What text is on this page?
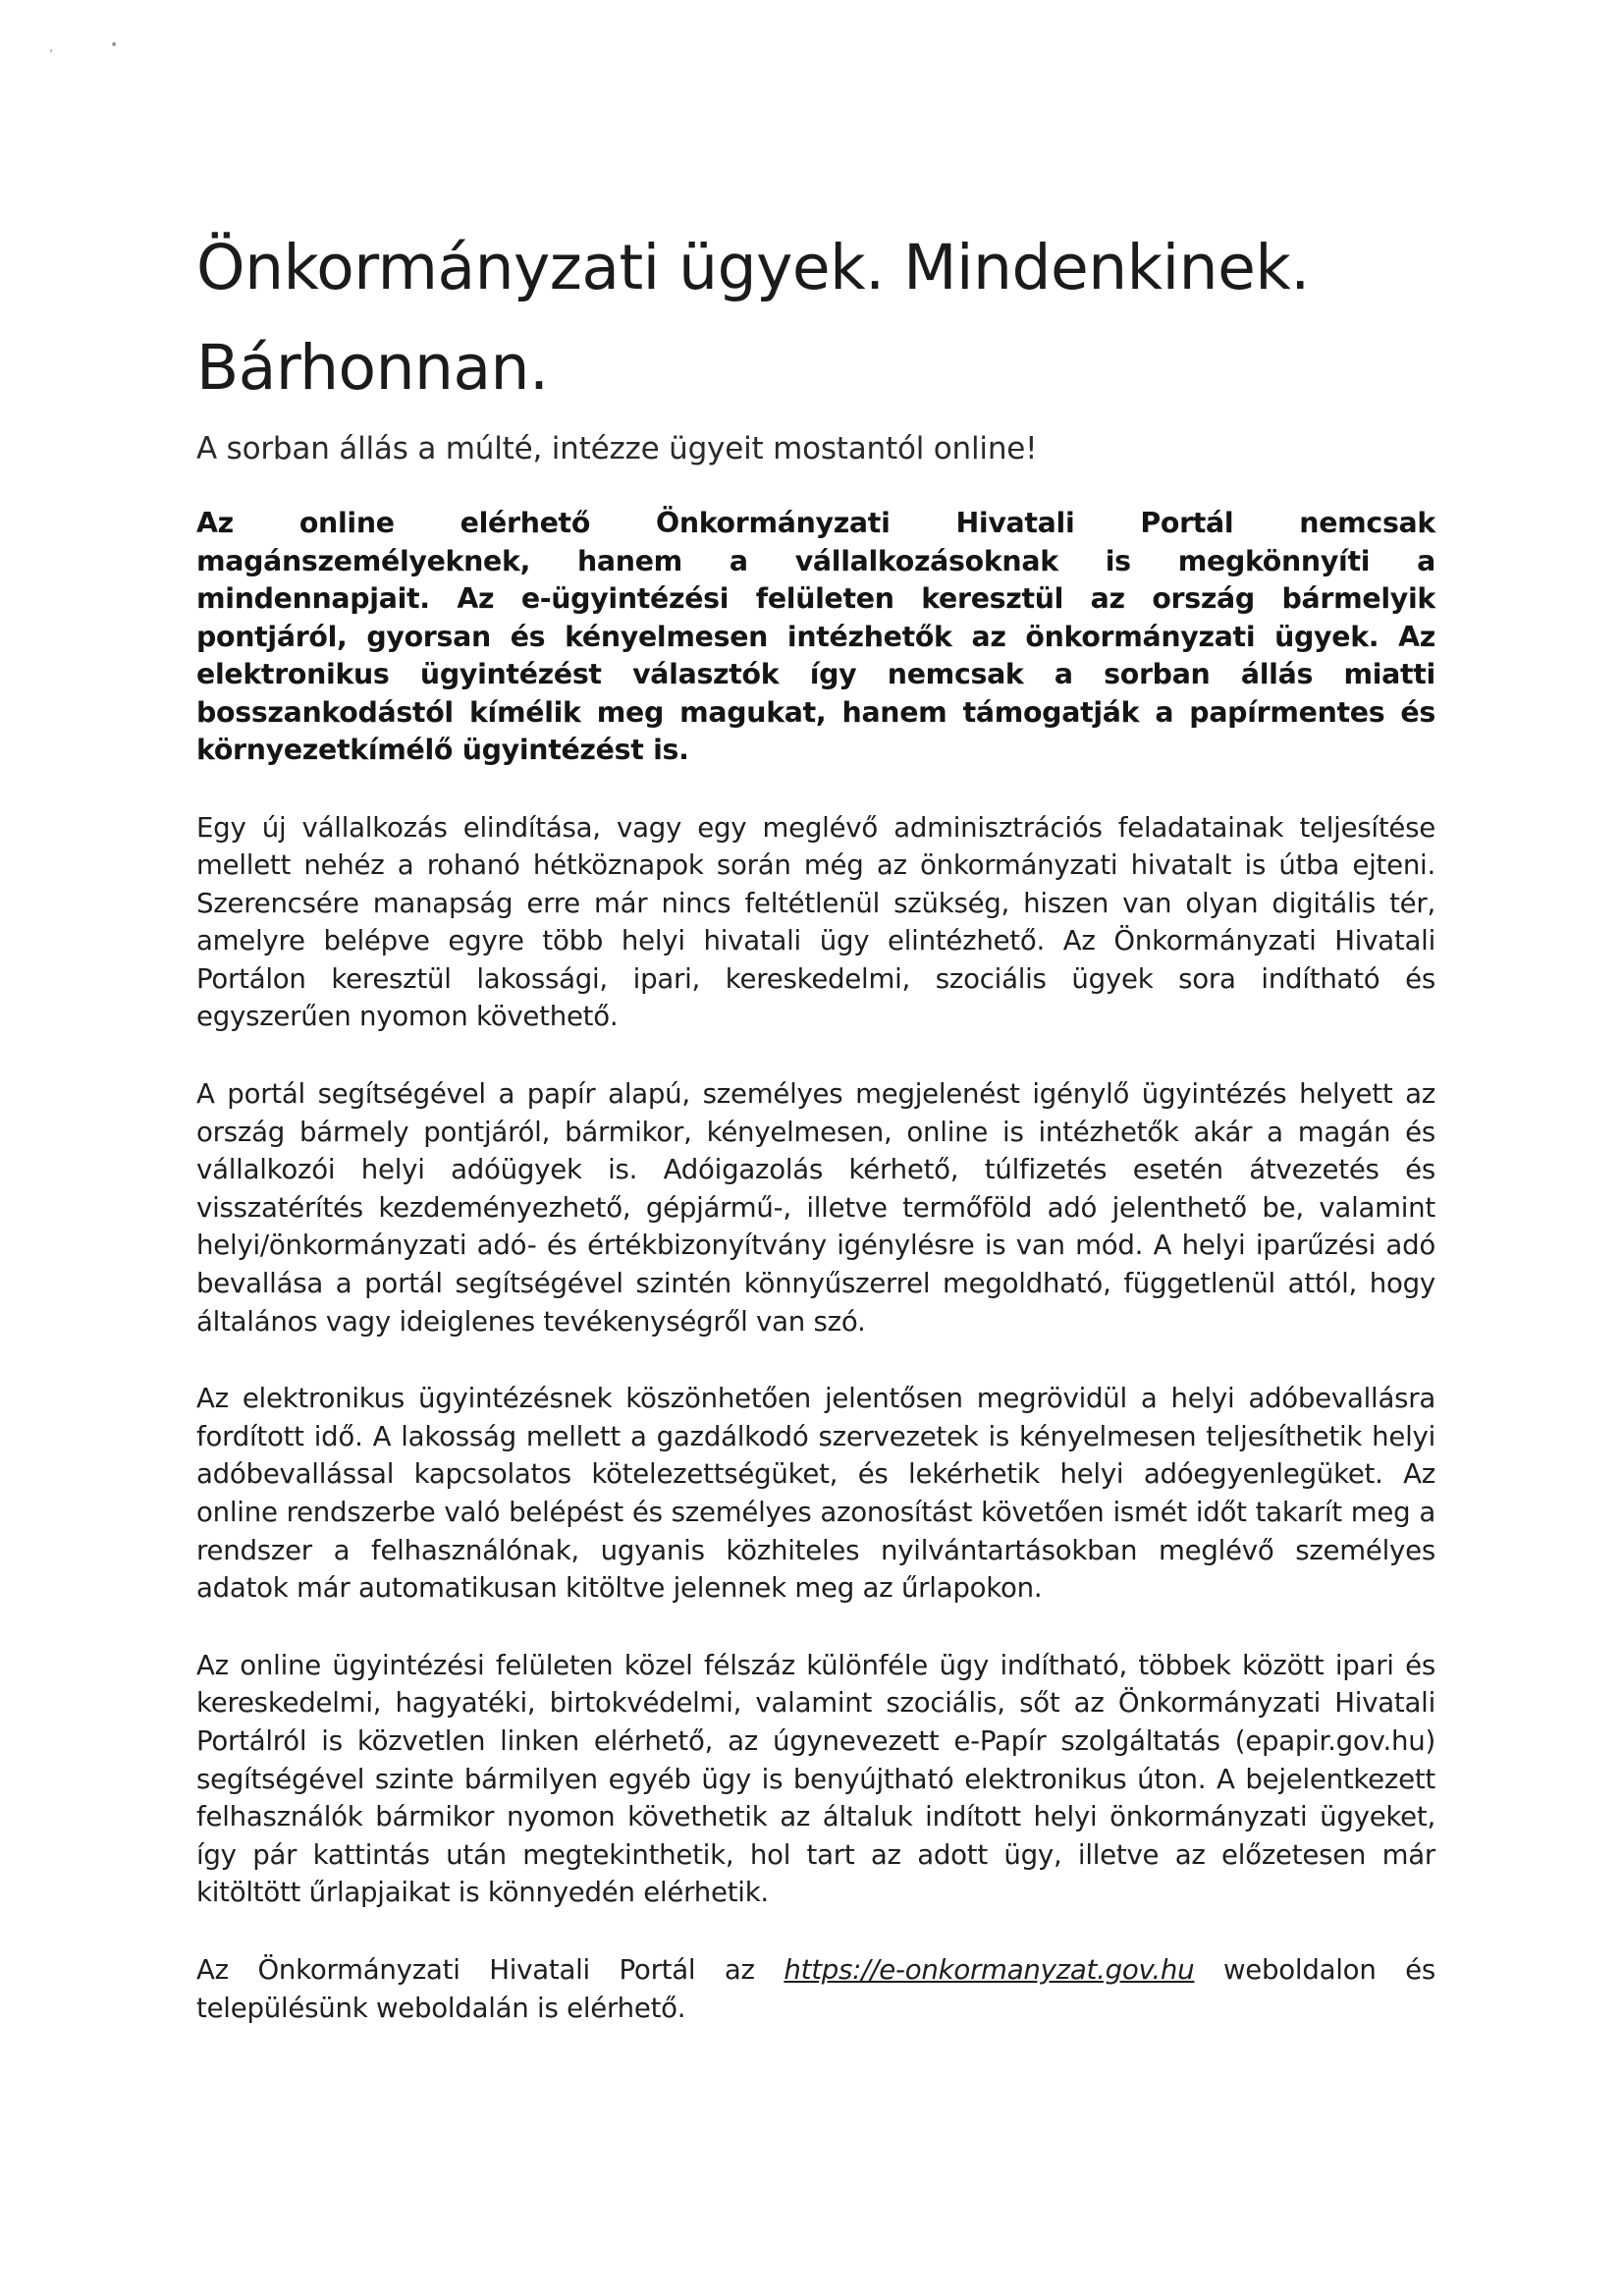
,	•
Önkormányzati ügyek. Mindenkinek.
Bárhonnan.
A sorban állás a múlté, intézze ügyeit mostantól online!

Az online elérhető Önkormányzati Hivatali Portál nemcsak magánszemélyeknek, hanem a vállalkozásoknak is megkönnyíti a mindennapjait. Az e-ügyintézési felületen keresztül az ország bármelyik pontjáról, gyorsan és kényelmesen intézhetők az önkormányzati ügyek. Az elektronikus ügyintézést választók így nemcsak a sorban állás miatti bosszankodástól kímélik meg magukat, hanem támogatják a papírmentes és környezetkímélő ügyintézést is.

Egy új vállalkozás elindítása, vagy egy meglévő adminisztrációs feladatainak teljesítése mellett nehéz a rohanó hétköznapok során még az önkormányzati hivatalt is útba ejteni. Szerencsére manapság erre már nincs feltétlenül szükség, hiszen van olyan digitális tér, amelyre belépve egyre több helyi hivatali ügy elintézhető. Az Önkormányzati Hivatali Portálon keresztül lakossági, ipari, kereskedelmi, szociális ügyek sora indítható és egyszerűen nyomon követhető.

A portál segítségével a papír alapú, személyes megjelenést igénylő ügyintézés helyett az ország bármely pontjáról, bármikor, kényelmesen, online is intézhetők akár a magán és vállalkozói helyi adóügyek is. Adóigazolás kérhető, túlfizetés esetén átvezetés és visszatérítés kezdeményezhető, gépjármű-, illetve termőföld adó jelenthető be, valamint helyi/önkormányzati adó- és értékbizonyítvány igénylésre is van mód. A helyi iparűzési adó bevallása a portál segítségével szintén könnyűszerrel megoldható, függetlenül attól, hogy általános vagy ideiglenes tevékenységről van szó.

Az elektronikus ügyintézésnek köszönhetően jelentősen megrövidül a helyi adóbevallásra fordított idő. A lakosság mellett a gazdálkodó szervezetek is kényelmesen teljesíthetik helyi adóbevallással kapcsolatos kötelezettségüket, és lekérhetik helyi adóegyenlegüket. Az online rendszerbe való belépést és személyes azonosítást követően ismét időt takarít meg a rendszer a felhasználónak, ugyanis közhiteles nyilvántartásokban meglévő személyes adatok már automatikusan kitöltve jelennek meg az űrlapokon.

Az online ügyintézési felületen közel félszáz különféle ügy indítható, többek között ipari és kereskedelmi, hagyatéki, birtokvédelmi, valamint szociális, sőt az Önkormányzati Hivatali Portálról is közvetlen linken elérhető, az úgynevezett e-Papír szolgáltatás (epapir.gov.hu) segítségével szinte bármilyen egyéb ügy is benyújtható elektronikus úton. A bejelentkezett felhasználók bármikor nyomon követhetik az általuk indított helyi önkormányzati ügyeket, így pár kattintás után megtekinthetik, hol tart az adott ügy, illetve az előzetesen már kitöltött űrlapjaikat is könnyedén elérhetik.

Az Önkormányzati Hivatali Portál az https://e-onkormanyzat.gov.hu weboldalon és településünk weboldalán is elérhető.
